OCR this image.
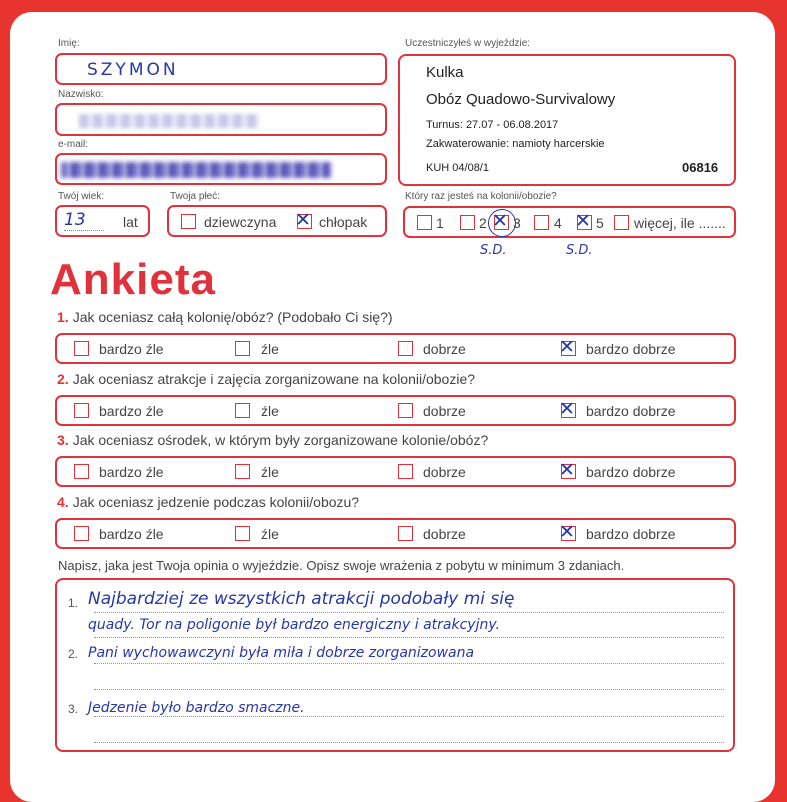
Imię:
SZYMON
Nazwisko:
e-mail:
Twój wiek:
13	lat
Twoja płeć:
dziewczyna ✕ chłopak
Uczestniczyłeś w wyjeździe:
Kulka
Obóz Quadowo-Survivalowy
Turnus: 27.07 - 06.08.2017
Zakwaterowanie: namioty harcerskie
KUH 04/08/1	06816
Który raz jesteś na kolonii/obozie?
1	2 ✕ 3 4 ✕ 5 więcej, ile .......
S.D.	S.D.
Ankieta
1. Jak oceniasz całą kolonię/obóz? (Podobało Ci się?)
bardzo źle	źle	dobrze	✕ bardzo dobrze
2. Jak oceniasz atrakcje i zajęcia zorganizowane na kolonii/obozie?
bardzo źle	źle	dobrze	✕ bardzo dobrze
3. Jak oceniasz ośrodek, w którym były zorganizowane kolonie/obóz?
bardzo źle	źle	dobrze	✕ bardzo dobrze
4. Jak oceniasz jedzenie podczas kolonii/obozu?
bardzo źle	źle	dobrze	✕ bardzo dobrze
Napisz, jaka jest Twoja opinia o wyjeździe. Opisz swoje wrażenia z pobytu w minimum 3 zdaniach.
1.
2.
3.
Najbardziej ze wszystkich atrakcji podobały mi się
quady. Tor na poligonie był bardzo energiczny i atrakcyjny.
Pani wychowawczyni była miła i dobrze zorganizowana
Jedzenie było bardzo smaczne.
